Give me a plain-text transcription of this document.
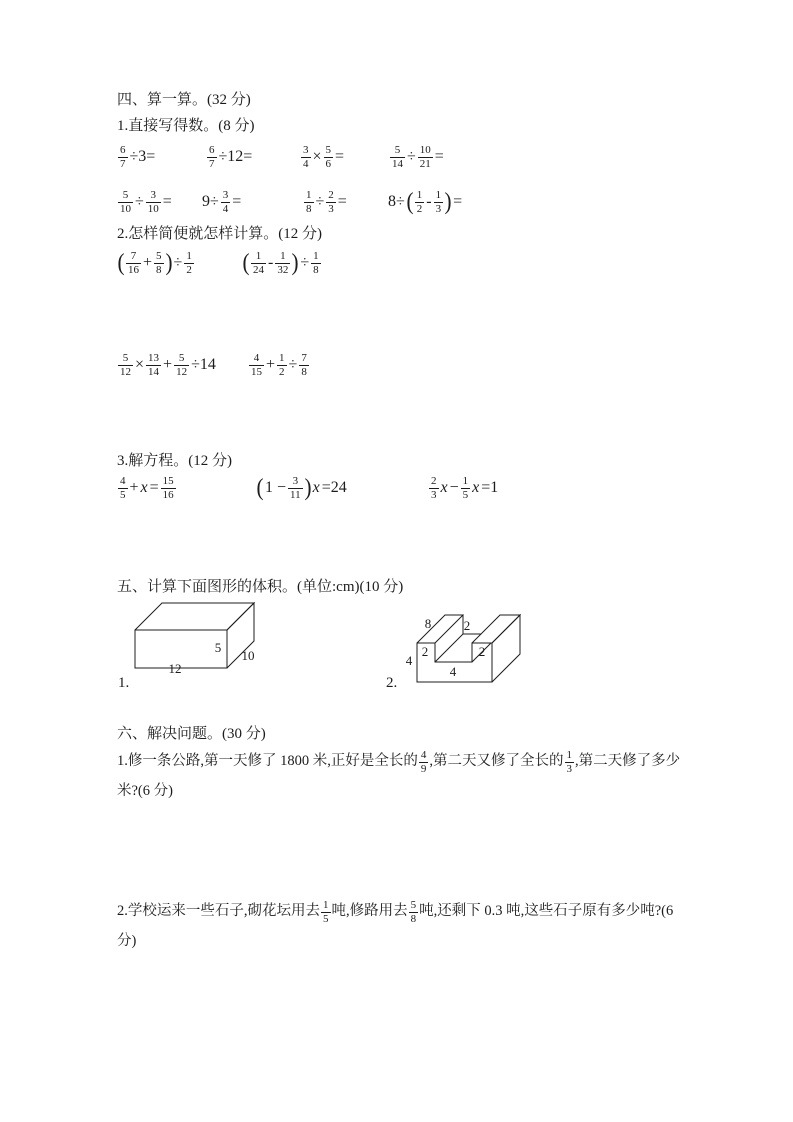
四、算一算。(32 分)
1.直接写得数。(8 分)
$\frac{6}{7} \div 3=$	$\frac{6}{7} \div 12=$	$\frac{3}{4} \times \frac{5}{6}$ =	$\frac{5}{14} \div \frac{10}{21}$ =
$\frac{5}{10} \div \frac{3}{10} = 9\div \frac{3}{4}$ =	$\frac{1}{8} \div \frac{2}{3}$ =	8÷ ( $\frac{1}{2} - \frac{1}{3}$ ) =
2.怎样简便就怎样计算。(12 分)
( $\frac{7}{16} + \frac{5}{8}$ ) ÷ $\frac{1}{2}$ ( $\frac{1}{24} - \frac{1}{32}$ ) ÷ $\frac{1}{8}$
$\frac{5}{12} \times \frac{13}{14} + \frac{5}{12} \div 14$	$\frac{4}{15} + \frac{1}{2} \div \frac{7}{8}$
3.解方程。(12 分)
$\frac{4}{5} + x = \frac{15}{16}$	( $1 - \frac{3}{11}$ ) x =24	$\frac{2}{3}$ $x - \frac{1}{5}$ x =1
五、计算下面图形的体积。(单位:cm)(10 分)
5
10
12
1.
8	2
2	2
4
4
2.
六、解决问题。(30 分)
1.修一条公路,第一天修了 1800 米,正好是全长的 $\frac{4}{9}$ ,第二天又修了全长的 $\frac{1}{3}$ ,第二天修了多少米?(6 分)
2.学校运来一些石子,砌花坛用去 $\frac{1}{5}$ 吨,修路用去 $\frac{5}{8}$ 吨,还剩下 0.3 吨,这些石子原有多少吨?(6 分)
